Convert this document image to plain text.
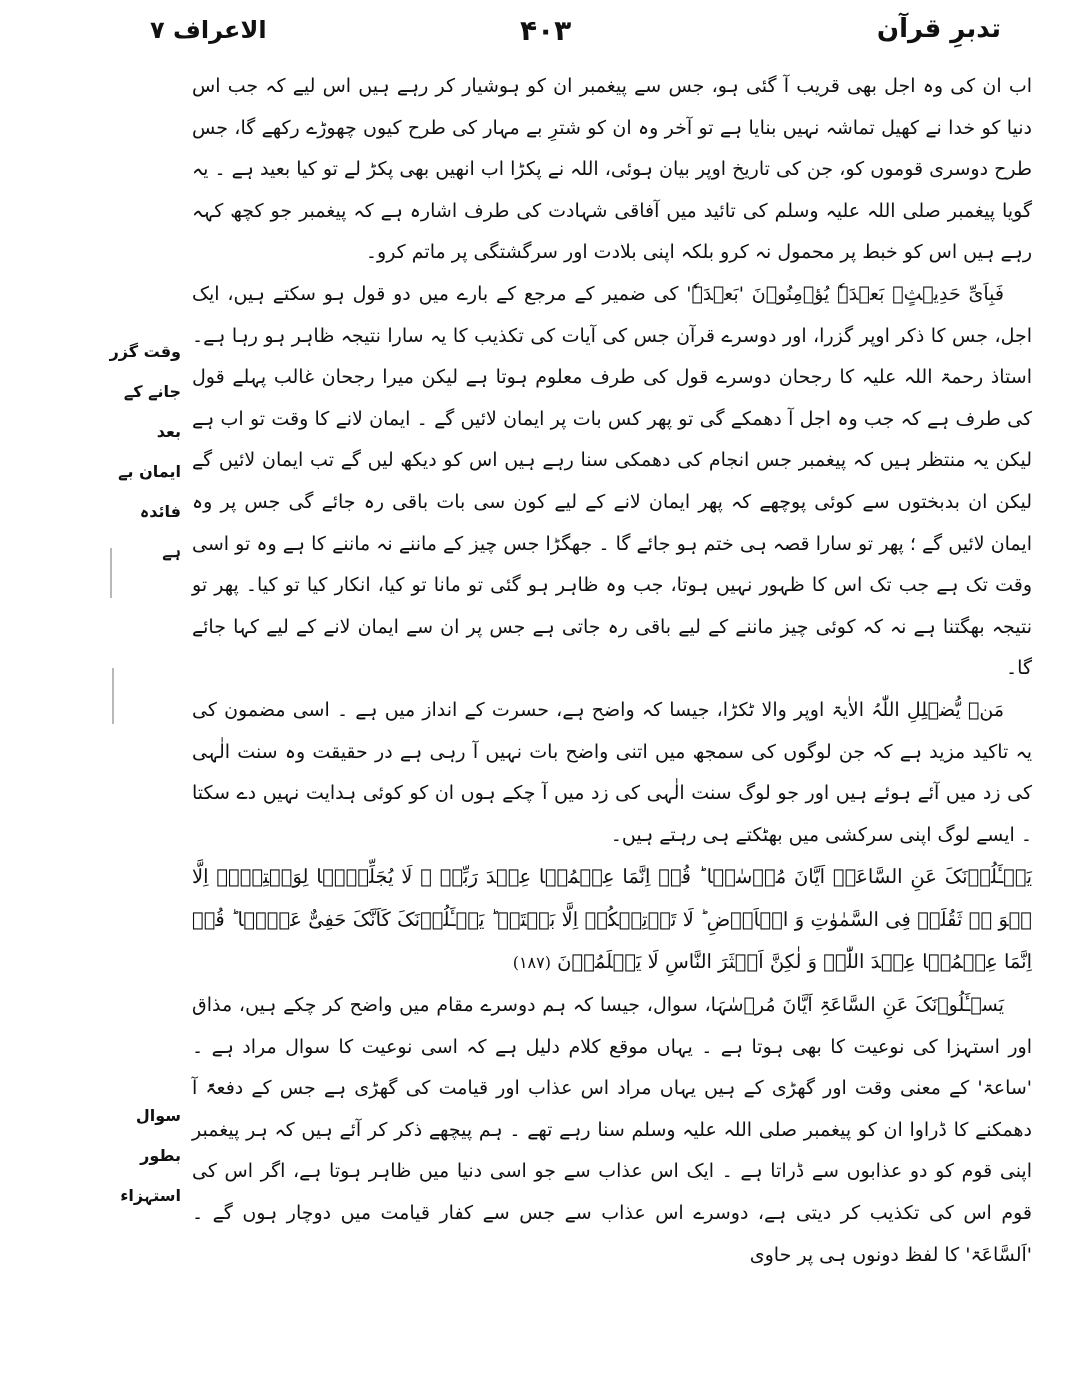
تدبرِ قرآن
۴۰۳
الاعراف ۷
وقت گزر
جانے کے بعد
ایمان بے فائدہ
ہے
سوال بطور
استہزاء

اب ان کی وہ اجل بھی قریب آ گئی ہو، جس سے پیغمبر ان کو ہوشیار کر رہے ہیں اس لیے کہ جب اس دنیا کو خدا نے کھیل تماشہ نہیں بنایا ہے تو آخر وہ ان کو شترِ بے مہار کی طرح کیوں چھوڑے رکھے گا، جس طرح دوسری قوموں کو، جن کی تاریخ اوپر بیان ہوئی، اللہ نے پکڑا اب انھیں بھی پکڑ لے تو کیا بعید ہے ۔ یہ گویا پیغمبر صلی اللہ علیہ وسلم کی تائید میں آفاقی شہادت کی طرف اشارہ ہے کہ پیغمبر جو کچھ کہہ رہے ہیں اس کو خبط پر محمول نہ کرو بلکہ اپنی بلادت اور سرگشتگی پر ماتم کرو۔

فَبِاَیِّ حَدِیۡثٍۭ بَعۡدَہٗ یُؤۡمِنُوۡنَ 'بَعۡدَہٗ' کی ضمیر کے مرجع کے بارے میں دو قول ہو سکتے ہیں، ایک اجل، جس کا ذکر اوپر گزرا، اور دوسرے قرآن جس کی آیات کی تکذیب کا یہ سارا نتیجہ ظاہر ہو رہا ہے۔ استاذ رحمۃ اللہ علیہ کا رجحان دوسرے قول کی طرف معلوم ہوتا ہے لیکن میرا رجحان غالب پہلے قول کی طرف ہے کہ جب وہ اجل آ دھمکے گی تو پھر کس بات پر ایمان لائیں گے ۔ ایمان لانے کا وقت تو اب ہے لیکن یہ منتظر ہیں کہ پیغمبر جس انجام کی دھمکی سنا رہے ہیں اس کو دیکھ لیں گے تب ایمان لائیں گے لیکن ان بدبختوں سے کوئی پوچھے کہ پھر ایمان لانے کے لیے کون سی بات باقی رہ جائے گی جس پر وہ ایمان لائیں گے ؛ پھر تو سارا قصہ ہی ختم ہو جائے گا ۔ جھگڑا جس چیز کے ماننے نہ ماننے کا ہے وہ تو اسی وقت تک ہے جب تک اس کا ظہور نہیں ہوتا، جب وہ ظاہر ہو گئی تو مانا تو کیا، انکار کیا تو کیا۔ پھر تو نتیجہ بھگتنا ہے نہ کہ کوئی چیز ماننے کے لیے باقی رہ جاتی ہے جس پر ان سے ایمان لانے کے لیے کہا جائے گا۔

مَنۡ یُّضۡلِلِ اللّٰہُ الاٰیۃ اوپر والا ٹکڑا، جیسا کہ واضح ہے، حسرت کے انداز میں ہے ۔ اسی مضمون کی یہ تاکید مزید ہے کہ جن لوگوں کی سمجھ میں اتنی واضح بات نہیں آ رہی ہے در حقیقت وہ سنت الٰہی کی زد میں آئے ہوئے ہیں اور جو لوگ سنت الٰہی کی زد میں آ چکے ہوں ان کو کوئی ہدایت نہیں دے سکتا ۔ ایسے لوگ اپنی سرکشی میں بھٹکتے ہی رہتے ہیں۔

یَسۡـَٔلُوۡنَکَ عَنِ السَّاعَۃِ اَیَّانَ مُرۡسٰہَا ؕ قُلۡ اِنَّمَا عِلۡمُہَا عِنۡدَ رَبِّیۡ ۚ لَا یُجَلِّیۡہَا لِوَقۡتِہَاۤ اِلَّا ہُوَ ؕۘ ثَقُلَتۡ فِی السَّمٰوٰتِ وَ الۡاَرۡضِ ؕ لَا تَاۡتِیۡکُمۡ اِلَّا بَغۡتَۃً ؕ یَسۡـَٔلُوۡنَکَ کَاَنَّکَ حَفِیٌّ عَنۡہَا ؕ قُلۡ اِنَّمَا عِلۡمُہَا عِنۡدَ اللّٰہِ وَ لٰکِنَّ اَکۡثَرَ النَّاسِ لَا یَعۡلَمُوۡنَ (۱۸۷)

یَسۡـَٔلُوۡنَکَ عَنِ السَّاعَۃِ اَیَّانَ مُرۡسٰہَا، سوال، جیسا کہ ہم دوسرے مقام میں واضح کر چکے ہیں، مذاق اور استہزا کی نوعیت کا بھی ہوتا ہے ۔ یہاں موقع کلام دلیل ہے کہ اسی نوعیت کا سوال مراد ہے ۔ 'ساعۃ' کے معنی وقت اور گھڑی کے ہیں یہاں مراد اس عذاب اور قیامت کی گھڑی ہے جس کے دفعۃً آ دھمکنے کا ڈراوا ان کو پیغمبر صلی اللہ علیہ وسلم سنا رہے تھے ۔ ہم پیچھے ذکر کر آئے ہیں کہ ہر پیغمبر اپنی قوم کو دو عذابوں سے ڈراتا ہے ۔ ایک اس عذاب سے جو اسی دنیا میں ظاہر ہوتا ہے، اگر اس کی قوم اس کی تکذیب کر دیتی ہے، دوسرے اس عذاب سے جس سے کفار قیامت میں دوچار ہوں گے ۔ 'اَلسَّاعَۃ' کا لفظ دونوں ہی پر حاوی
